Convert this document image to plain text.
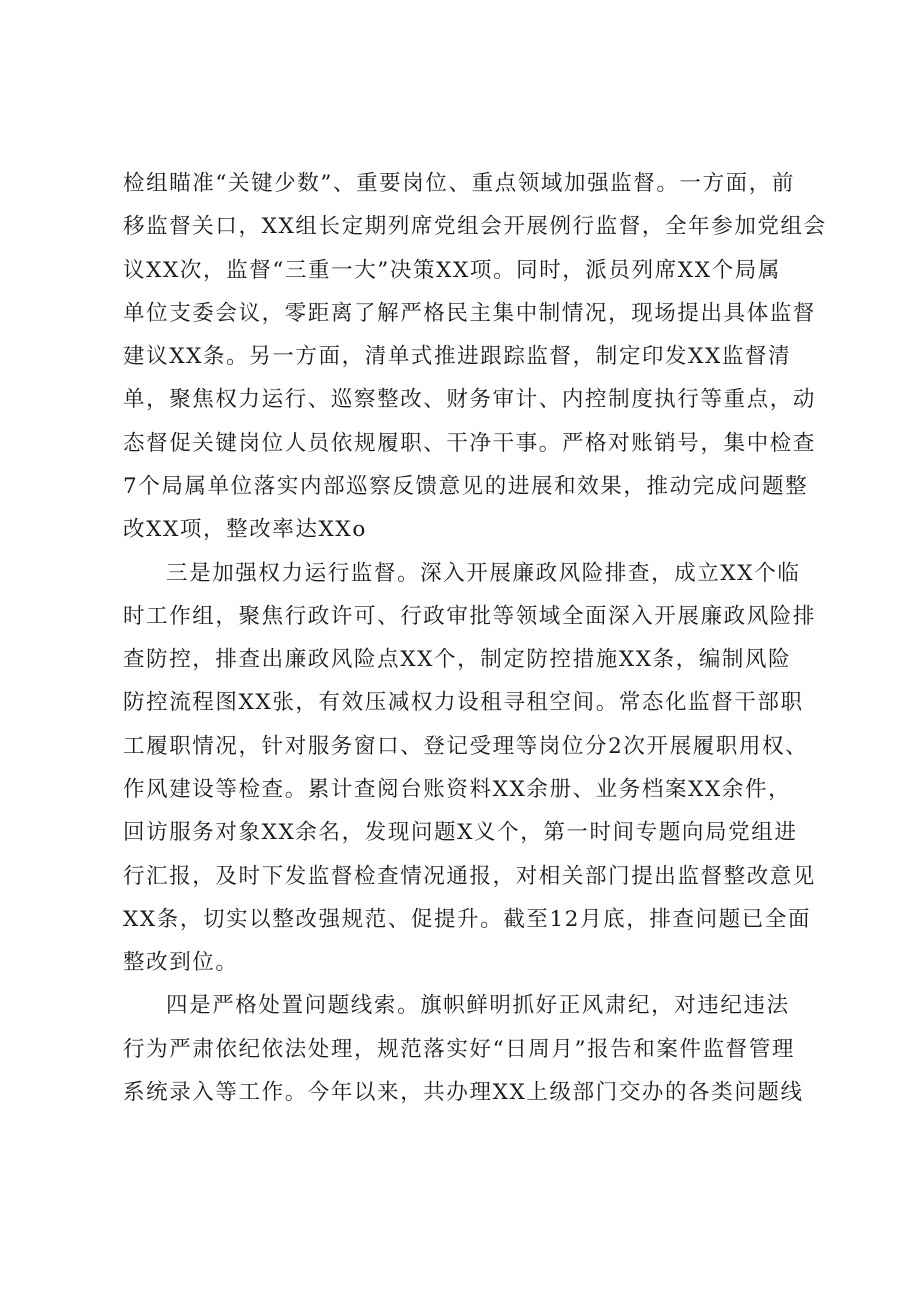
检组瞄准“关键少数”、重要岗位、重点领域加强监督。一方面，前
移监督关口，XX组长定期列席党组会开展例行监督，全年参加党组会
议XX次，监督“三重一大”决策XX项。同时，派员列席XX个局属
单位支委会议，零距离了解严格民主集中制情况，现场提出具体监督
建议XX条。另一方面，清单式推进跟踪监督，制定印发XX监督清
单，聚焦权力运行、巡察整改、财务审计、内控制度执行等重点，动
态督促关键岗位人员依规履职、干净干事。严格对账销号，集中检查
7个局属单位落实内部巡察反馈意见的进展和效果，推动完成问题整
改XX项，整改率达XXo
三是加强权力运行监督。深入开展廉政风险排查，成立XX个临
时工作组，聚焦行政许可、行政审批等领域全面深入开展廉政风险排
查防控，排查出廉政风险点XX个，制定防控措施XX条，编制风险
防控流程图XX张，有效压减权力设租寻租空间。常态化监督干部职
工履职情况，针对服务窗口、登记受理等岗位分2次开展履职用权、
作风建设等检查。累计查阅台账资料XX余册、业务档案XX余件，
回访服务对象XX余名，发现问题X义个，第一时间专题向局党组进
行汇报，及时下发监督检查情况通报，对相关部门提出监督整改意见
XX条，切实以整改强规范、促提升。截至12月底，排查问题已全面
整改到位。
四是严格处置问题线索。旗帜鲜明抓好正风肃纪，对违纪违法
行为严肃依纪依法处理，规范落实好“日周月”报告和案件监督管理
系统录入等工作。今年以来，共办理XX上级部门交办的各类问题线
